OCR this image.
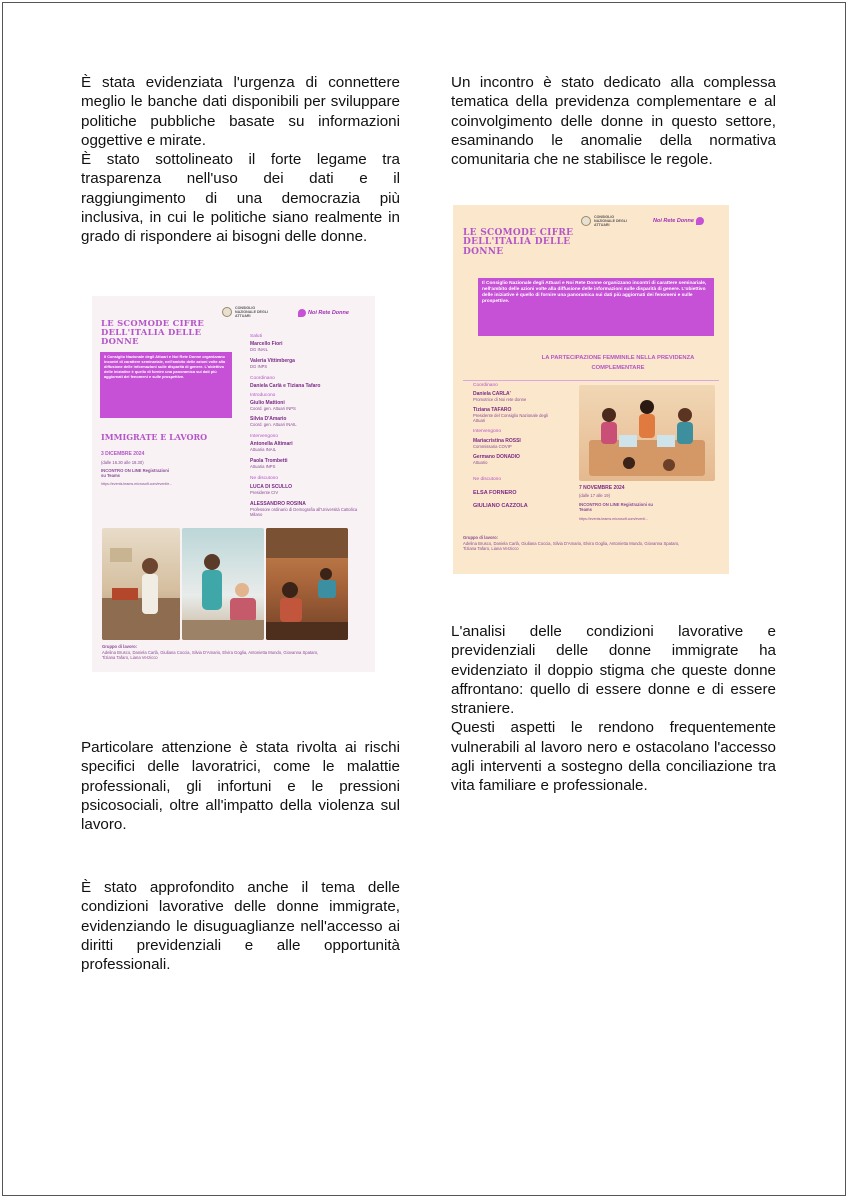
È stata evidenziata l'urgenza di connettere meglio le banche dati disponibili per sviluppare politiche pubbliche basate su informazioni oggettive e mirate.

È stato sottolineato il forte legame tra trasparenza nell'uso dei dati e il raggiungimento di una democrazia più inclusiva, in cui le politiche siano realmente in grado di rispondere ai bisogni delle donne.

Particolare attenzione è stata rivolta ai rischi specifici delle lavoratrici, come le malattie professionali, gli infortuni e le pressioni psicosociali, oltre all'impatto della violenza sul lavoro.
È stato approfondito anche il tema delle condizioni lavorative delle donne immigrate, evidenziando le disuguaglianze nell'accesso ai diritti previdenziali e alle opportunità professionali.
Un incontro è stato dedicato alla complessa tematica della previdenza complementare e al coinvolgimento delle donne in questo settore, esaminando le anomalie della normativa comunitaria che ne stabilisce le regole.

L'analisi delle condizioni lavorative e previdenziali delle donne immigrate ha evidenziato il doppio stigma che queste donne affrontano: quello di essere donne e di essere straniere.

Questi aspetti le rendono frequentemente vulnerabili al lavoro nero e ostacolano l'accesso agli interventi a sostegno della conciliazione tra vita familiare e professionale.

CONSIGLIO NAZIONALE DEGLI ATTUARI
Noi Rete Donne
LE SCOMODE CIFRE DELL'ITALIA DELLE DONNE
Il Consiglio Nazionale degli Attuari e Noi Rete Donne organizzano incontri di carattere seminariale, nell'ambito delle azioni volte alla diffusione delle informazioni sulle disparità di genere. L'obiettivo delle iniziative è quello di fornire una panoramica sui dati più aggiornati dei fenomeni e sulle prospettive.
IMMIGRATE E LAVORO
3 DICEMBRE 2024
(dalle 16.30 alle 18.30)
INCONTRO ON LINE Registrazioni su Teams
https://events.teams.microsoft.com/event/e...
Saluti
Marcello Fiori
DG INAIL
Valeria Vittimberga
DG INPS
Coordinano
Daniela Carlà e Tiziana Tafaro
Introducono
Giulio Mattioni
Coord. gen. Attuari INPS
Silvia D'Amario
Coord. gen. Attuari INAIL
Intervengono
Antonella Altimari
Attuaria INAIL
Paola Trombetti
Attuaria INPS
Ne discutono
LUCA DI SCULLO
Presidente CIV
ALESSANDRO ROSINA
Professore ordinario di Demografia all'Università Cattolica Milano
Gruppo di lavoro:
Adelina Brusco, Daniela Carlà, Giuliana Coccia, Silvia D'Amario, Elvira Goglia, Antonietta Mundo, Giovanna Spataro, Tiziana Tafaro, Liana Verzicco
CONSIGLIO NAZIONALE DEGLI ATTUARI
Noi Rete Donne
LE SCOMODE CIFRE DELL'ITALIA DELLE DONNE
Il Consiglio Nazionale degli Attuari e Noi Rete Donne organizzano incontri di carattere seminariale, nell'ambito delle azioni volte alla diffusione delle informazioni sulle disparità di genere. L'obiettivo delle iniziative è quello di fornire una panoramica sui dati più aggiornati dei fenomeni e sulle prospettive.
LA PARTECIPAZIONE FEMMINILE NELLA PREVIDENZA COMPLEMENTARE
Coordinano
Daniela CARLA'
Promotrice di Noi rete donne
Tiziana TAFARO
Presidente del Consiglio Nazionale degli Attuari
Intervengono
Mariacristina ROSSI
Commissaria COVIP
Germano DONADIO
Attuario
Ne discutono
ELSA FORNERO
GIULIANO CAZZOLA
7 NOVEMBRE 2024
(dalle 17 alle 19)
INCONTRO ON LINE Registrazioni su Teams
https://events.teams.microsoft.com/event/...
Gruppo di lavoro:
Adelina Brusco, Daniela Carlà, Giuliana Coccia, Silvia D'Amario, Elvira Goglia, Antonietta Mundo, Giovanna Spataro, Tiziana Tafaro, Liana Verzicco
